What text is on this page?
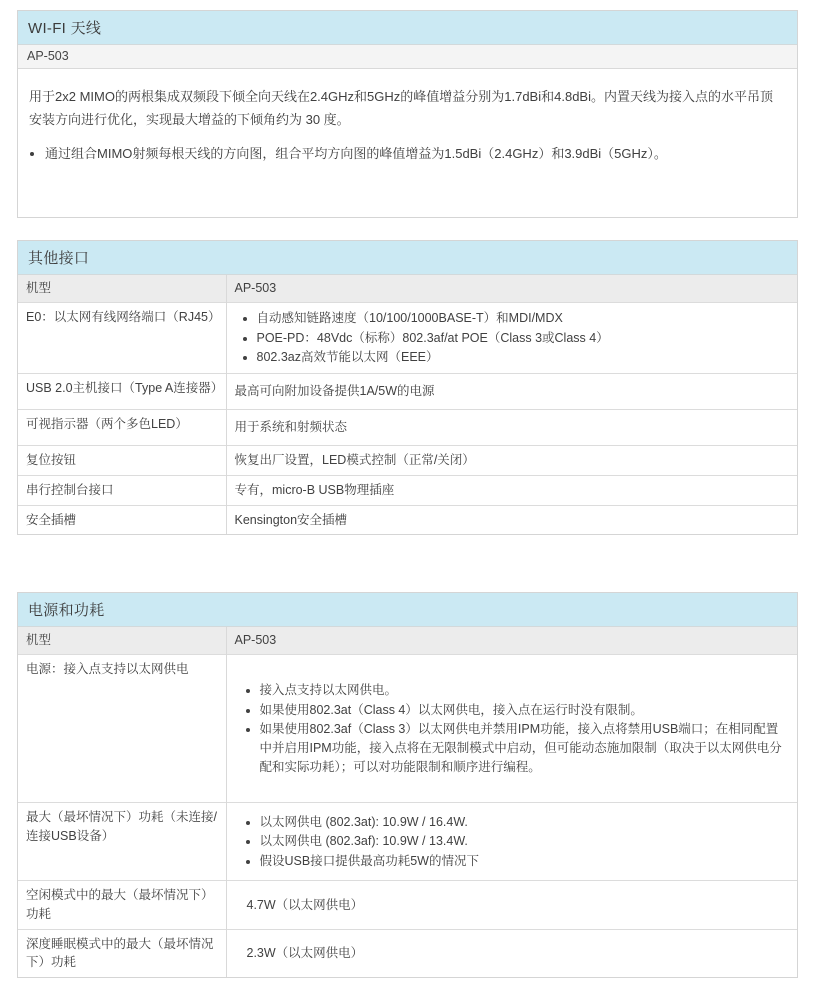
WI-FI 天线
AP-503

用于2x2 MIMO的两根集成双频段下倾全向天线在2.4GHz和5GHz的峰值增益分别为1.7dBi和4.8dBi。内置天线为接入点的水平吊顶安装方向进行优化，实现最大增益的下倾角约为 30 度。

• 通过组合MIMO射频每根天线的方向图，组合平均方向图的峰值增益为1.5dBi（2.4GHz）和3.9dBi（5GHz）。
其他接口
机型	AP-503
E0：以太网有线网络端口（RJ45）	
•自动感知链路速度（10/100/1000BASE-T）和MDI/MDX
• POE-PD：48Vdc（标称）802.3af/at POE（Class 3或Class 4）
• 802.3az高效节能以太网（EEE）

USB 2.0主机接口（Type A连接器）	最高可向附加设备提供1A/5W的电源
可视指示器（两个多色LED）	用于系统和射频状态
复位按钮	恢复出厂设置，LED模式控制（正常/关闭）
串行控制台接口	专有，micro-B USB物理插座
安全插槽	Kensington安全插槽
电源和功耗
机型	AP-503
电源：接入点支持以太网供电	
• 接入点支持以太网供电。
• 如果使用802.3at（Class 4）以太网供电，接入点在运行时没有限制。
• 如果使用802.3af（Class 3）以太网供电并禁用IPM功能，接入点将禁用USB端口；在相同配置中并启用IPM功能，接入点将在无限制模式中启动，但可能动态施加限制（取决于以太网供电分配和实际功耗）；可以对功能限制和顺序进行编程。

最大（最坏情况下）功耗（未连接/连接USB设备）	
• 以太网供电 (802.3at): 10.9W / 16.4W.
• 以太网供电 (802.3af): 10.9W / 13.4W.
• 假设USB接口提供最高功耗5W的情况下

空闲模式中的最大（最坏情况下）功耗	4.7W（以太网供电）
深度睡眠模式中的最大（最坏情况下）功耗	2.3W（以太网供电）
